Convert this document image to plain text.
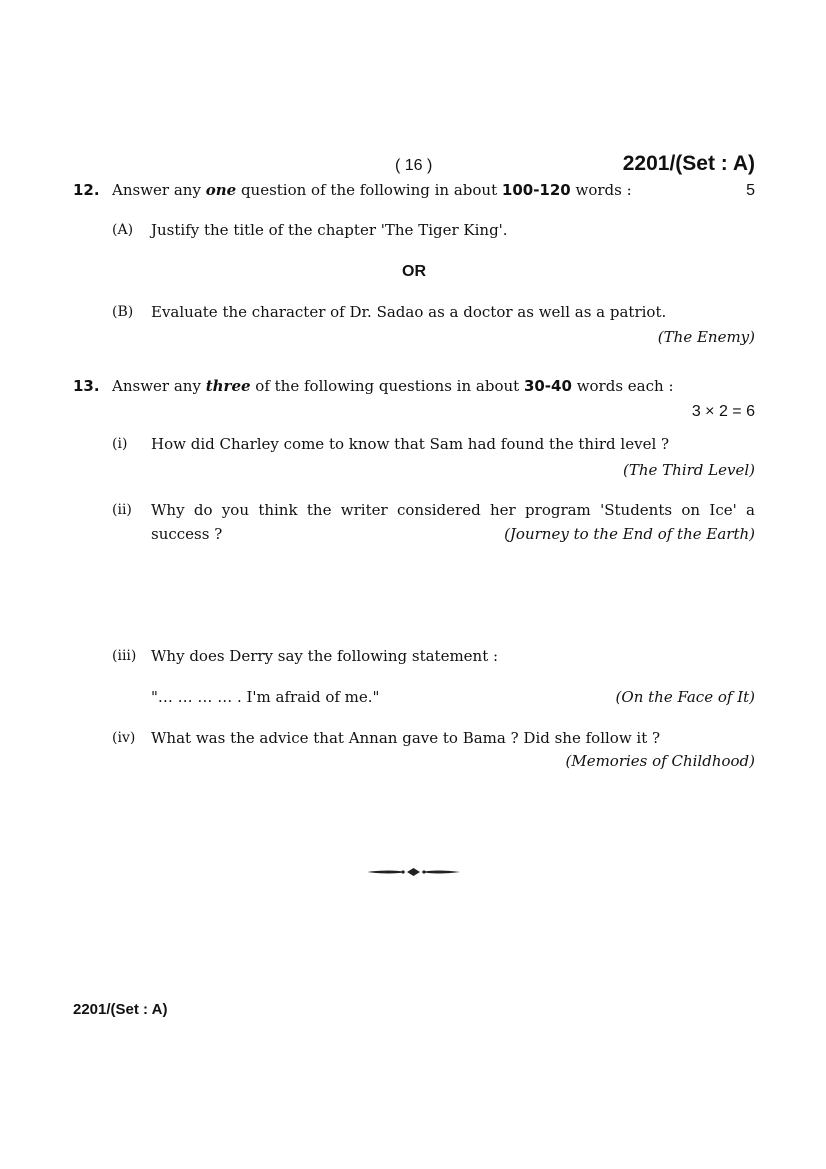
( 16 )	2201/(Set : A)
12. Answer any one question of the following in about 100-120 words :	5
(A) Justify the title of the chapter 'The Tiger King'.
OR
(B) Evaluate the character of Dr. Sadao as a doctor as well as a patriot.
(The Enemy)
13. Answer any three of the following questions in about 30-40 words each :
3 × 2 = 6
(i) How did Charley come to know that Sam had found the third level ?
(The Third Level)
(ii) Why do you think the writer considered her program 'Students on Ice' a
success ?	(Journey to the End of the Earth)
(iii) Why does Derry say the following statement :
"… … … … . I'm afraid of me."	(On the Face of It)
(iv) What was the advice that Annan gave to Bama ? Did she follow it ?
(Memories of Childhood)
2201/(Set : A)
